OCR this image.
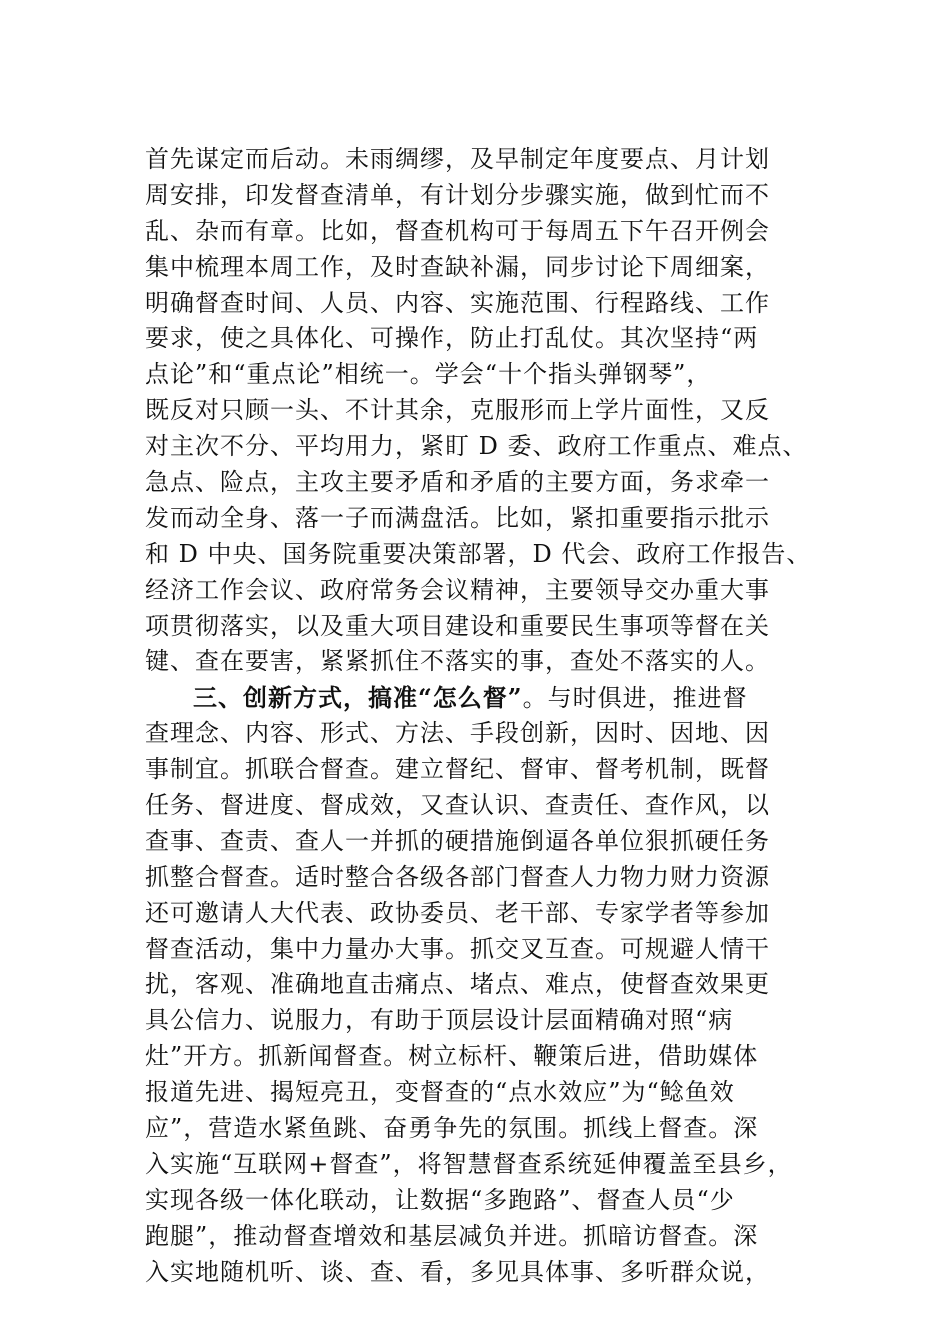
首先谋定而后动。未雨绸缪，及早制定年度要点、月计划
周安排，印发督查清单，有计划分步骤实施，做到忙而不
乱、杂而有章。比如，督查机构可于每周五下午召开例会
集中梳理本周工作，及时查缺补漏，同步讨论下周细案，
明确督查时间、人员、内容、实施范围、行程路线、工作
要求，使之具体化、可操作，防止打乱仗。其次坚持“两
点论”和“重点论”相统一。学会“十个指头弹钢琴”，
既反对只顾一头、不计其余，克服形而上学片面性，又反
对主次不分、平均用力，紧盯 D 委、政府工作重点、难点、
急点、险点，主攻主要矛盾和矛盾的主要方面，务求牵一
发而动全身、落一子而满盘活。比如，紧扣重要指示批示
和 D 中央、国务院重要决策部署，D 代会、政府工作报告、
经济工作会议、政府常务会议精神，主要领导交办重大事
项贯彻落实，以及重大项目建设和重要民生事项等督在关
键、查在要害，紧紧抓住不落实的事，查处不落实的人。
三、创新方式，搞准“怎么督”。与时俱进，推进督
查理念、内容、形式、方法、手段创新，因时、因地、因
事制宜。抓联合督查。建立督纪、督审、督考机制，既督
任务、督进度、督成效，又查认识、查责任、查作风，以
查事、查责、查人一并抓的硬措施倒逼各单位狠抓硬任务
抓整合督查。适时整合各级各部门督查人力物力财力资源
还可邀请人大代表、政协委员、老干部、专家学者等参加
督查活动，集中力量办大事。抓交叉互查。可规避人情干
扰，客观、准确地直击痛点、堵点、难点，使督查效果更
具公信力、说服力，有助于顶层设计层面精确对照“病
灶”开方。抓新闻督查。树立标杆、鞭策后进，借助媒体
报道先进、揭短亮丑，变督查的“点水效应”为“鲶鱼效
应”，营造水紧鱼跳、奋勇争先的氛围。抓线上督查。深
入实施“互联网+督查”，将智慧督查系统延伸覆盖至县乡，
实现各级一体化联动，让数据“多跑路”、督查人员“少
跑腿”，推动督查增效和基层减负并进。抓暗访督查。深
入实地随机听、谈、查、看，多见具体事、多听群众说，
